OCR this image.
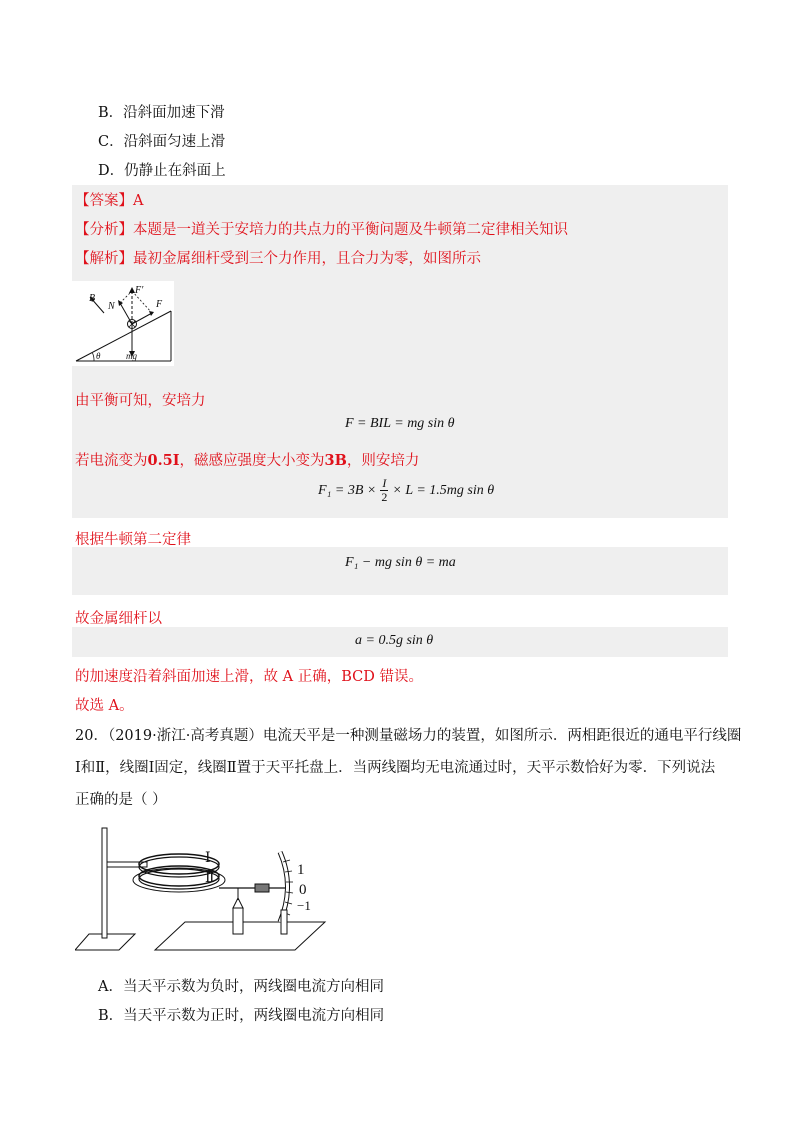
B．沿斜面加速下滑
C．沿斜面匀速上滑
D．仍静止在斜面上
【答案】A
【分析】本题是一道关于安培力的共点力的平衡问题及牛顿第二定律相关知识
【解析】最初金属细杆受到三个力作用，且合力为零，如图所示
B
F′
N	F
mg
θ
由平衡可知，安培力
F = BIL = mg sin θ
若电流变为0.5I，磁感应强度大小变为3B，则安培力
$F_1 = 3B \times \frac{I}{2} \times L = 1.5mg$ sin θ
根据牛顿第二定律
F₁ − mg sin θ = ma
故金属细杆以
a = 0.5g sin θ
的加速度沿着斜面加速上滑，故 A 正确，BCD 错误。
故选 A。
20．（2019·浙江·高考真题）电流天平是一种测量磁场力的装置，如图所示．两相距很近的通电平行线圈
Ⅰ和Ⅱ，线圈Ⅰ固定，线圈Ⅱ置于天平托盘上．当两线圈均无电流通过时，天平示数恰好为零．下列说法
正确的是（ ）
Ⅰ
Ⅱ
1
0
−1
A．当天平示数为负时，两线圈电流方向相同
B．当天平示数为正时，两线圈电流方向相同
